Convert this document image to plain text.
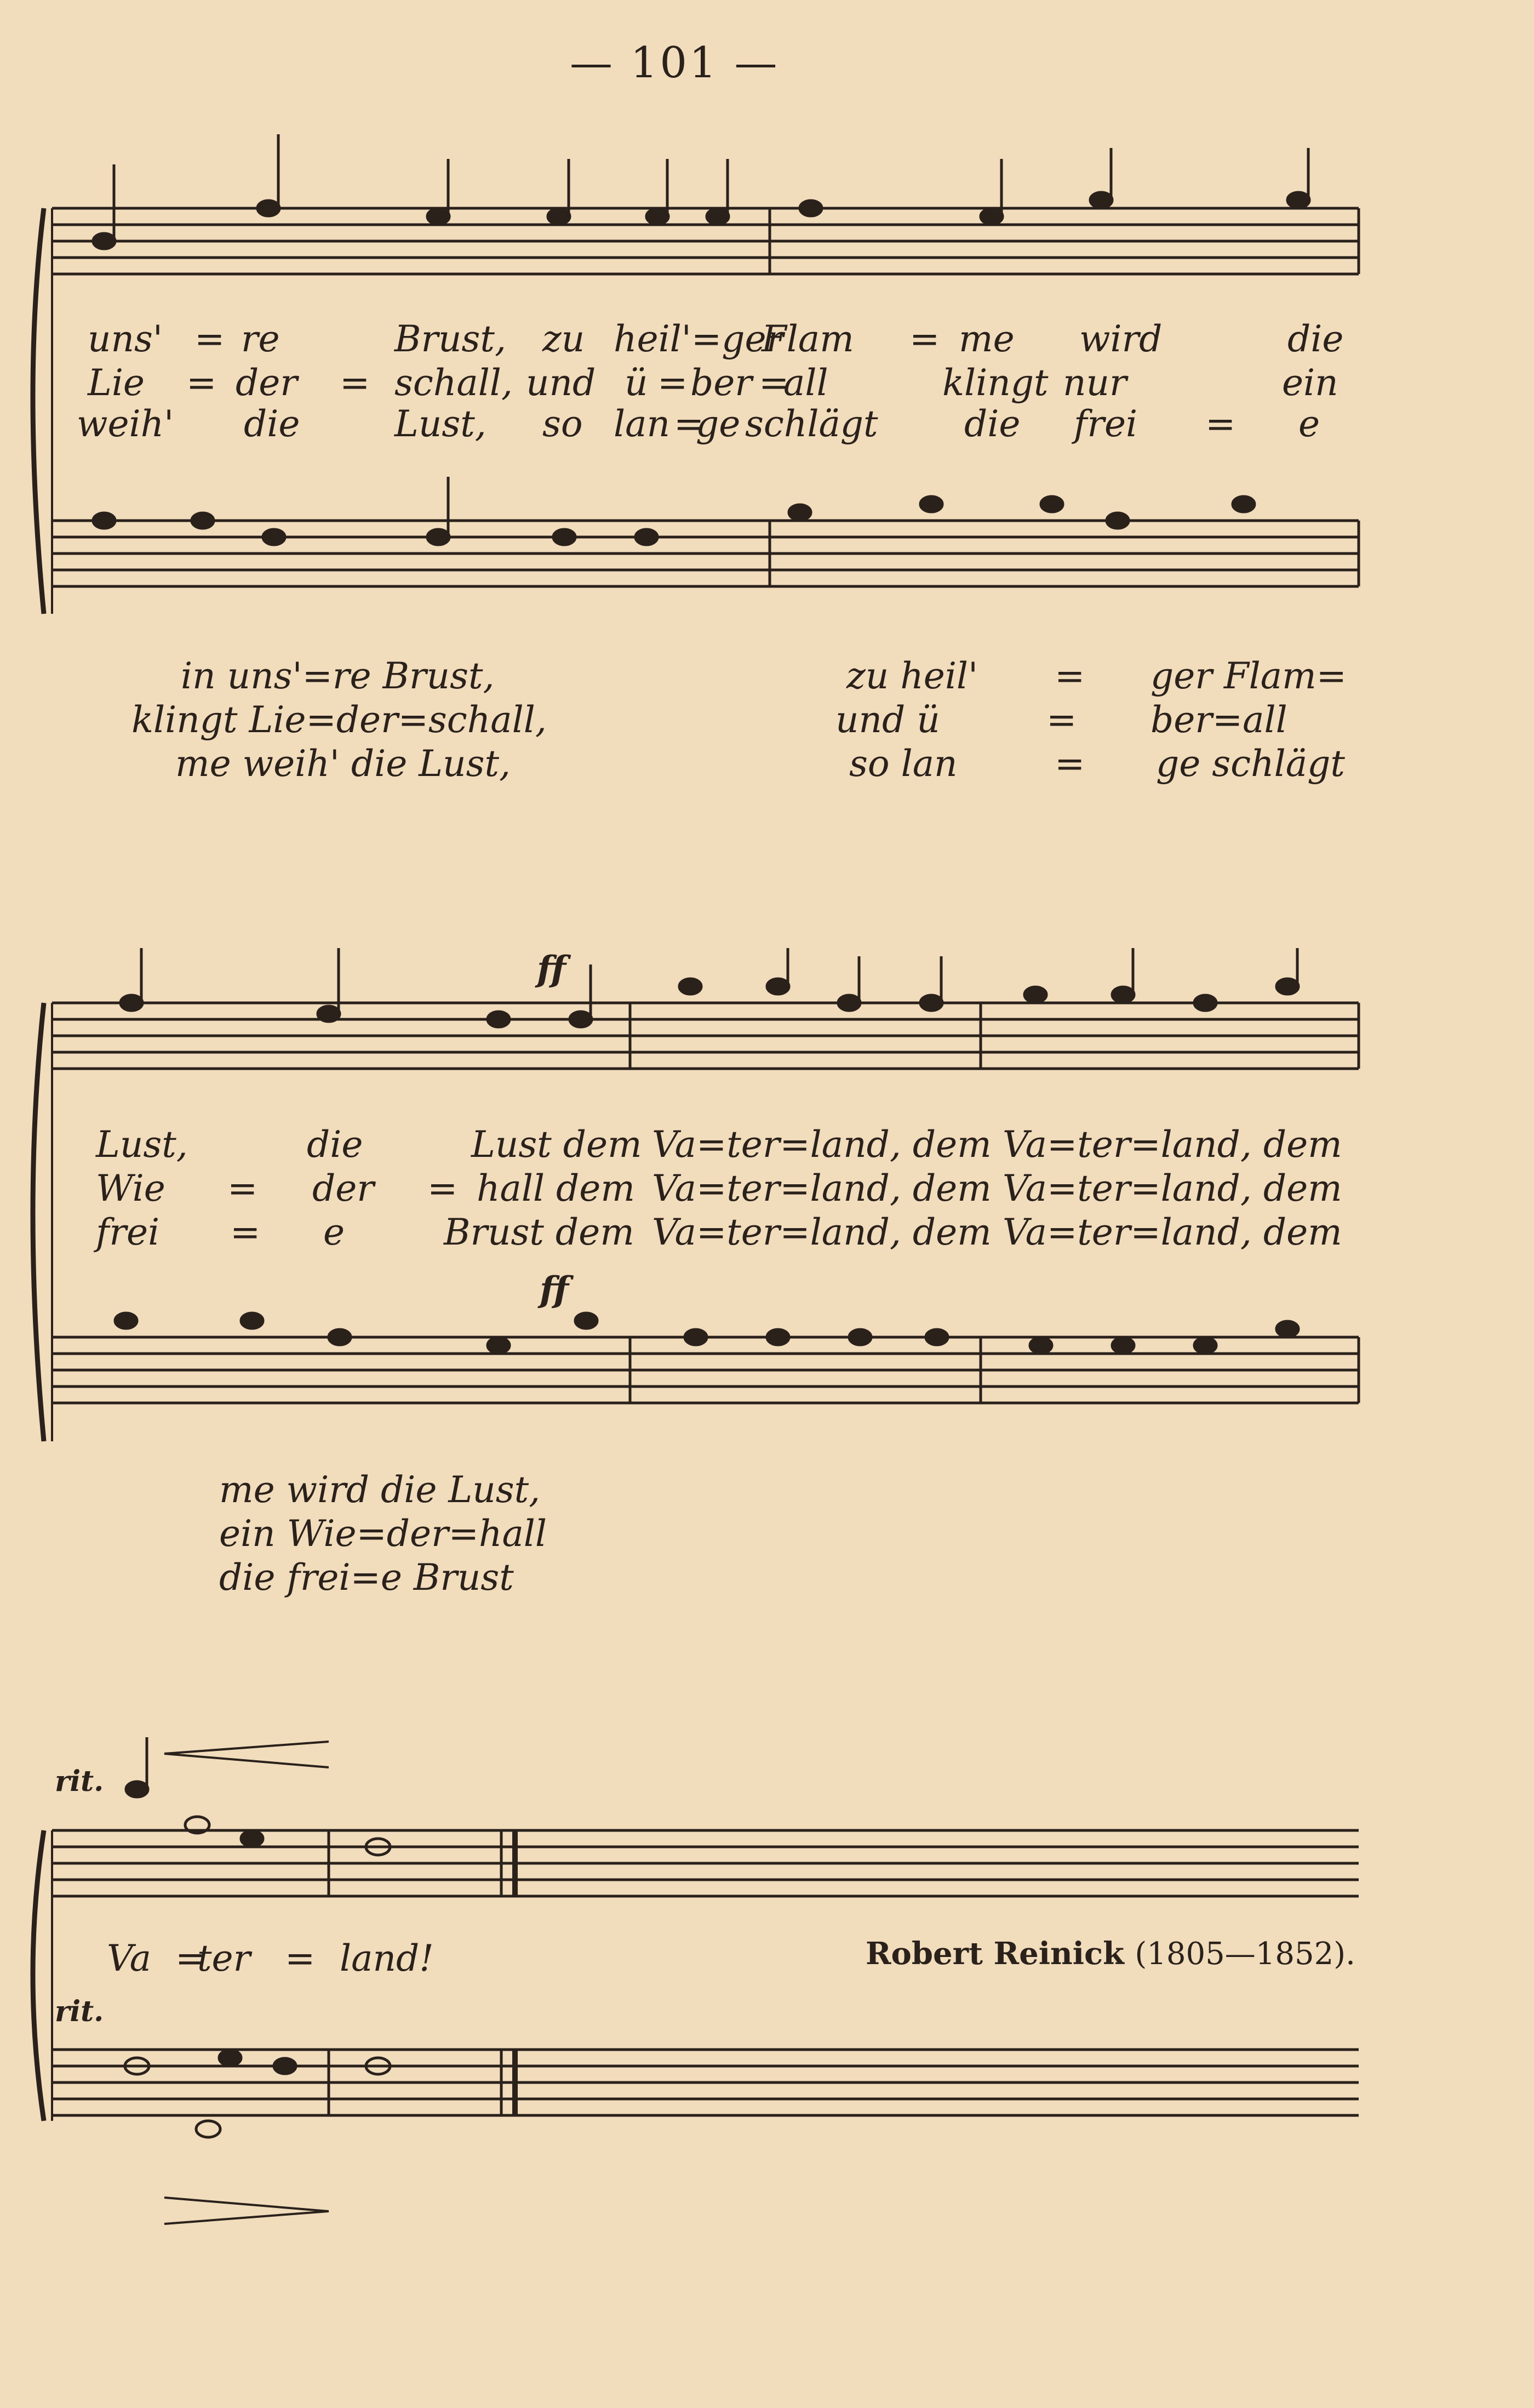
— 101 —
ff
ff
uns' = re	Brust, zu heil'=ger
Flam = me wird	die
Lie = der = schall, und ü = ber =
all	klingt nur	ein
weih' die	Lust, so lan =
ge schlägt die frei = e
in uns'=re Brust,	zu heil' = ger Flam=
klingt Lie=der=schall,	und ü	= ber=all
me weih' die Lust,	so lan	= ge schlägt
Lust,	die	Lust dem Va=ter=land, dem Va=ter=land, dem
Wie = der = hall dem Va=ter=land, dem Va=ter=land, dem
frei = e	Brust dem Va=ter=land, dem Va=ter=land, dem
me wird die Lust,
ein Wie=der=hall
die frei=e Brust
rit.
rit.
Va =
ter = land!	Robert Reinick (1805—1852).
